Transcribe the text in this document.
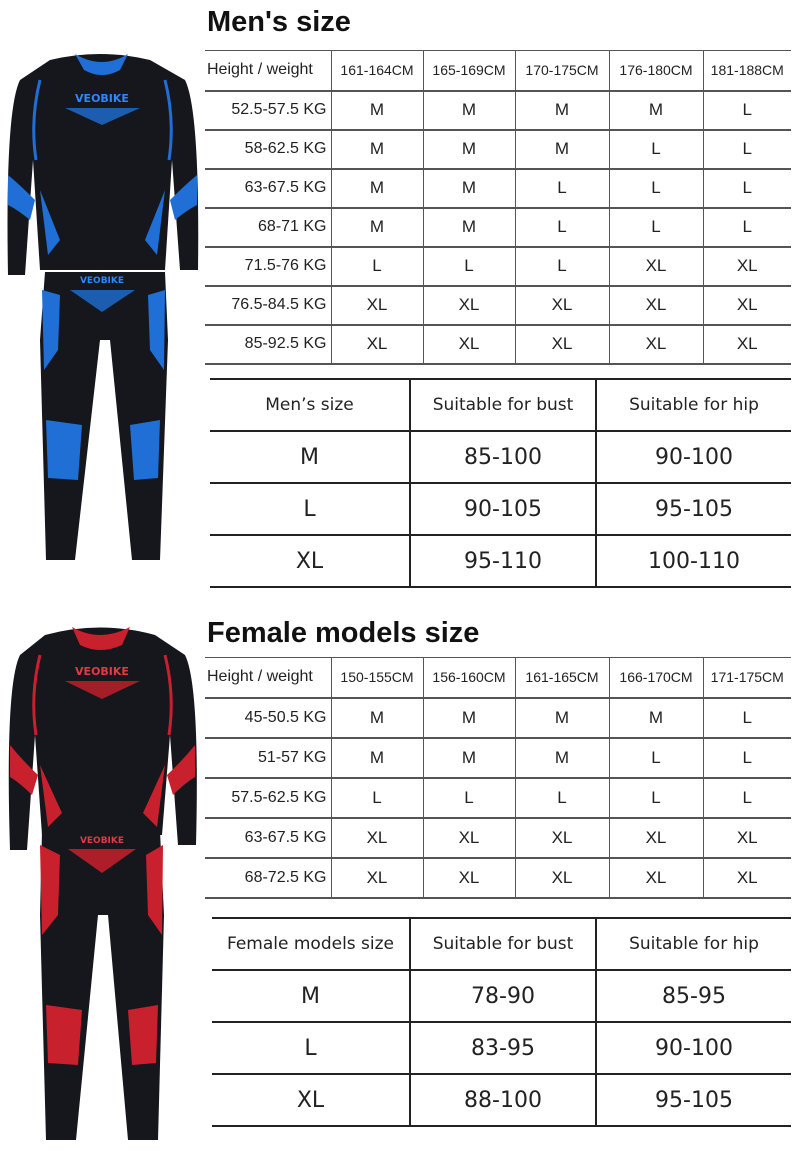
VEOBIKE
VEOBIKE
Men's size
Height / weight	161-164CM	165-169CM	170-175CM	176-180CM	181-188CM
52.5-57.5 KG	M	M	M	M	L
58-62.5 KG	M	M	M	L	L
63-67.5 KG	M	M	L	L	L
68-71 KG	M	M	L	L	L
71.5-76 KG	L	L	L	XL	XL
76.5-84.5 KG	XL	XL	XL	XL	XL
85-92.5 KG	XL	XL	XL	XL	XL
Men’s size	Suitable for bust	Suitable for hip
M	85-100	90-100
L	90-105	95-105
XL	95-110	100-110
VEOBIKE
VEOBIKE
Female models size
Height / weight	150-155CM	156-160CM	161-165CM	166-170CM	171-175CM
45-50.5 KG	M	M	M	M	L
51-57 KG	M	M	M	L	L
57.5-62.5 KG	L	L	L	L	L
63-67.5 KG	XL	XL	XL	XL	XL
68-72.5 KG	XL	XL	XL	XL	XL
Female models size	Suitable for bust	Suitable for hip
M	78-90	85-95
L	83-95	90-100
XL	88-100	95-105
